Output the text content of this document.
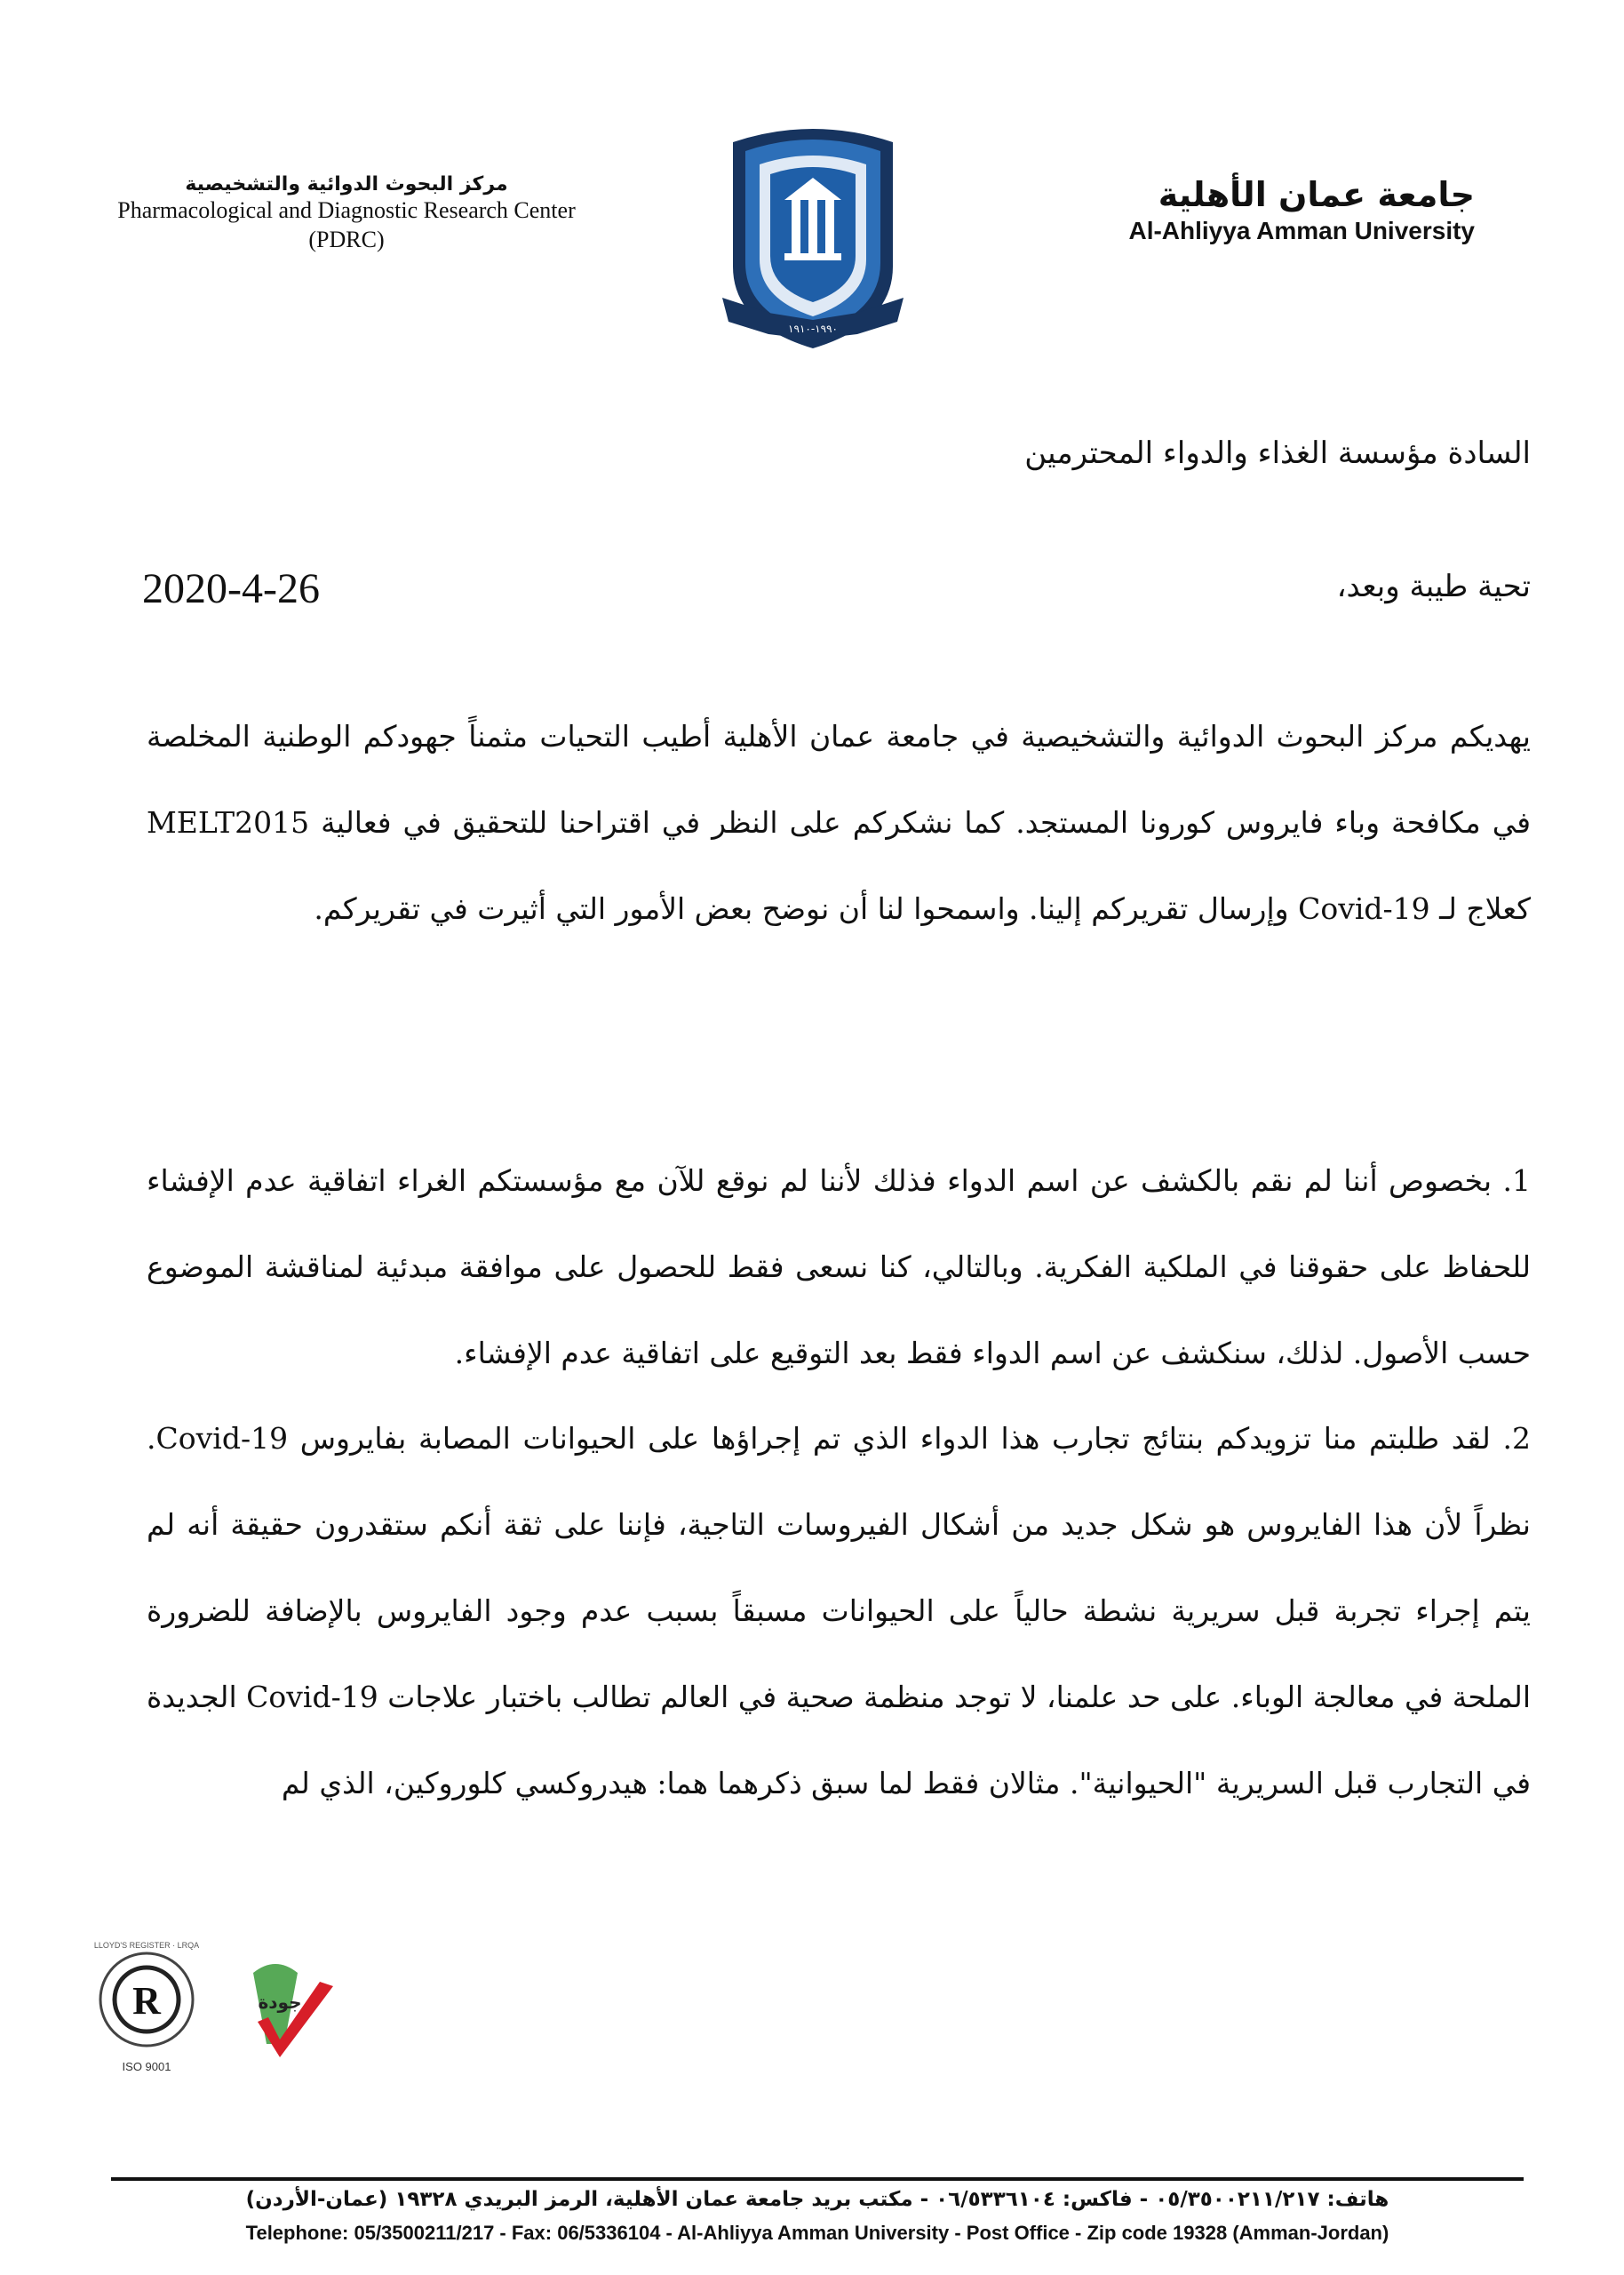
مركز البحوث الدوائية والتشخيصية
Pharmacological and Diagnostic Research Center
(PDRC)
١٩٩٠-١٩١٠
جامعة عمان الأهلية
Al-Ahliyya Amman University
السادة مؤسسة الغذاء والدواء المحترمين
تحية طيبة وبعد،
2020-4-26
يهديكم مركز البحوث الدوائية والتشخيصية في جامعة عمان الأهلية أطيب التحيات مثمناً جهودكم الوطنية المخلصة في مكافحة وباء فايروس كورونا المستجد. كما نشكركم على النظر في اقتراحنا للتحقيق في فعالية MELT2015 كعلاج لـ Covid-19 وإرسال تقريركم إلينا. واسمحوا لنا أن نوضح بعض الأمور التي أثيرت في تقريركم.
1. بخصوص أننا لم نقم بالكشف عن اسم الدواء فذلك لأننا لم نوقع للآن مع مؤسستكم الغراء اتفاقية عدم الإفشاء للحفاظ على حقوقنا في الملكية الفكرية. وبالتالي، كنا نسعى فقط للحصول على موافقة مبدئية لمناقشة الموضوع حسب الأصول. لذلك، سنكشف عن اسم الدواء فقط بعد التوقيع على اتفاقية عدم الإفشاء.
2. لقد طلبتم منا تزويدكم بنتائج تجارب هذا الدواء الذي تم إجراؤها على الحيوانات المصابة بفايروس Covid-19. نظراً لأن هذا الفايروس هو شكل جديد من أشكال الفيروسات التاجية، فإننا على ثقة أنكم ستقدرون حقيقة أنه لم يتم إجراء تجربة قبل سريرية نشطة حالياً على الحيوانات مسبقاً بسبب عدم وجود الفايروس بالإضافة للضرورة الملحة في معالجة الوباء. على حد علمنا، لا توجد منظمة صحية في العالم تطالب باختبار علاجات Covid-19 الجديدة في التجارب قبل السريرية "الحيوانية". مثالان فقط لما سبق ذكرهما هما: هيدروكسي كلوروكين، الذي لم
R
ISO 9001
LLOYD'S REGISTER · LRQA
جودة
هاتف: ٠٥/٣٥٠٠٢١١/٢١٧ - فاكس: ٠٦/٥٣٣٦١٠٤ - مكتب بريد جامعة عمان الأهلية، الرمز البريدي ١٩٣٢٨ (عمان-الأردن)
Telephone: 05/3500211/217 - Fax: 06/5336104 - Al-Ahliyya Amman University - Post Office - Zip code 19328 (Amman-Jordan)
